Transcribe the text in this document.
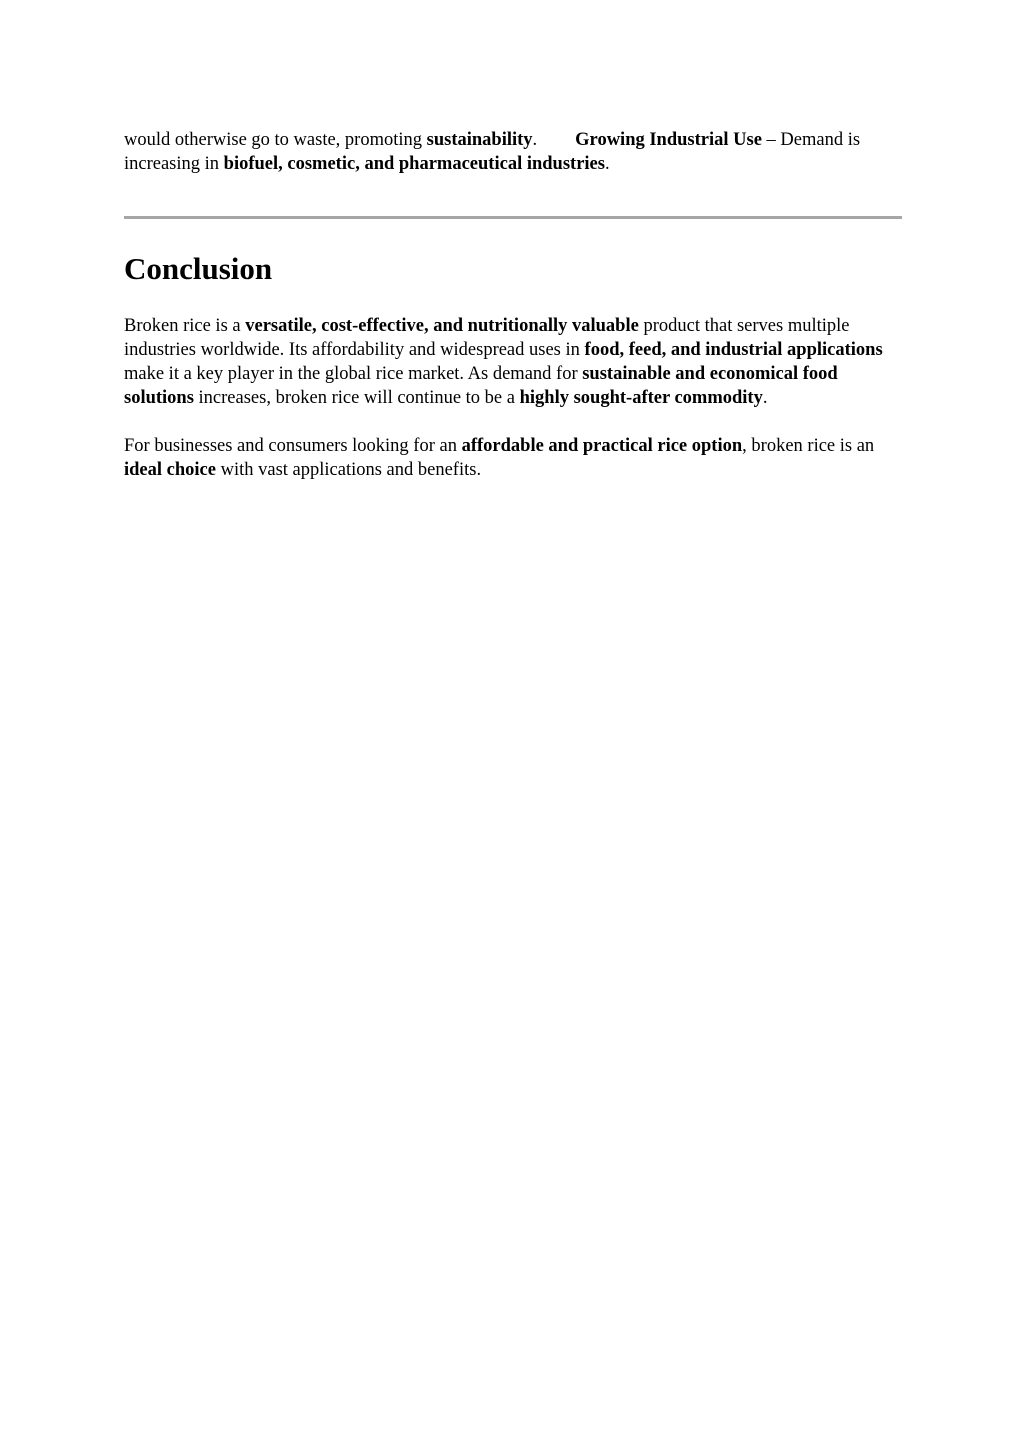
would otherwise go to waste, promoting sustainability. Growing Industrial Use – Demand is increasing in biofuel, cosmetic, and pharmaceutical industries.

Conclusion

Broken rice is a versatile, cost-effective, and nutritionally valuable product that serves multiple industries worldwide. Its affordability and widespread uses in food, feed, and industrial applications make it a key player in the global rice market. As demand for sustainable and economical food solutions increases, broken rice will continue to be a highly sought-after commodity.

For businesses and consumers looking for an affordable and practical rice option, broken rice is an ideal choice with vast applications and benefits.
